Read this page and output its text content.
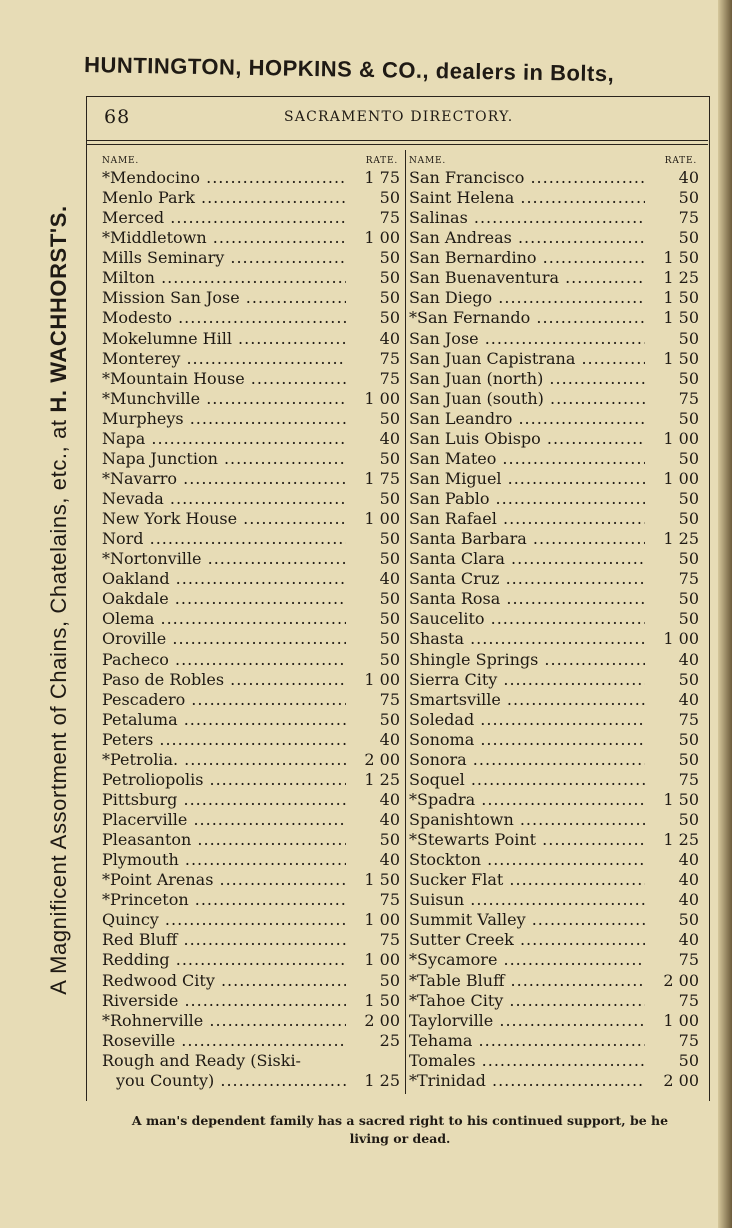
HUNTINGTON, HOPKINS & CO., dealers in Bolts,
A Magnificent Assortment of Chains, Chatelains, etc., at H. WACHHORST'S.
68	SACRAMENTO DIRECTORY.
NAME.	RATE.
*Mendocino .....	1 75
Menlo Park .....	50
Merced .....	75
*Middletown .....	1 00
Mills Seminary .....	50
Milton .....	50
Mission San Jose .....	50
Modesto .....	50
Mokelumne Hill .....	40
Monterey .....	75
*Mountain House .....	75
*Munchville .....	1 00
Murpheys .....	50
Napa .....	40
Napa Junction .....	50
*Navarro .....	1 75
Nevada .....	50
New York House .....	1 00
Nord .....	50
*Nortonville .....	50
Oakland .....	40
Oakdale .....	50
Olema .....	50
Oroville .....	50
Pacheco .....	50
Paso de Robles .....	1 00
Pescadero .....	75
Petaluma .....	50
Peters .....	40
*Petrolia. .....	2 00
Petroliopolis .....	1 25
Pittsburg .....	40
Placerville .....	40
Pleasanton .....	50
Plymouth .....	40
*Point Arenas .....	1 50
*Princeton .....	75
Quincy .....	1 00
Red Bluff .....	75
Redding .....	1 00
Redwood City .....	50
Riverside .....	1 50
*Rohnerville .....	2 00
Roseville .....	25
Rough and Ready (Siski-
you County) .....	1 25
NAME.	RATE.
San Francisco .....	40
Saint Helena .....	50
Salinas .....	75
San Andreas .....	50
San Bernardino .....	1 50
San Buenaventura .....	1 25
San Diego .....	1 50
*San Fernando .....	1 50
San Jose .....	50
San Juan Capistrana .....	1 50
San Juan (north) .....	50
San Juan (south) .....	75
San Leandro .....	50
San Luis Obispo .....	1 00
San Mateo .....	50
San Miguel .....	1 00
San Pablo .....	50
San Rafael .....	50
Santa Barbara .....	1 25
Santa Clara .....	50
Santa Cruz .....	75
Santa Rosa .....	50
Saucelito .....	50
Shasta .....	1 00
Shingle Springs .....	40
Sierra City .....	50
Smartsville .....	40
Soledad .....	75
Sonoma .....	50
Sonora .....	50
Soquel .....	75
*Spadra .....	1 50
Spanishtown .....	50
*Stewarts Point .....	1 25
Stockton .....	40
Sucker Flat .....	40
Suisun .....	40
Summit Valley .....	50
Sutter Creek .....	40
*Sycamore .....	75
*Table Bluff .....	2 00
*Tahoe City .....	75
Taylorville .....	1 00
Tehama .....	75
Tomales .....	50
*Trinidad .....	2 00
A man's dependent family has a sacred right to his continued support, be he
living or dead.
